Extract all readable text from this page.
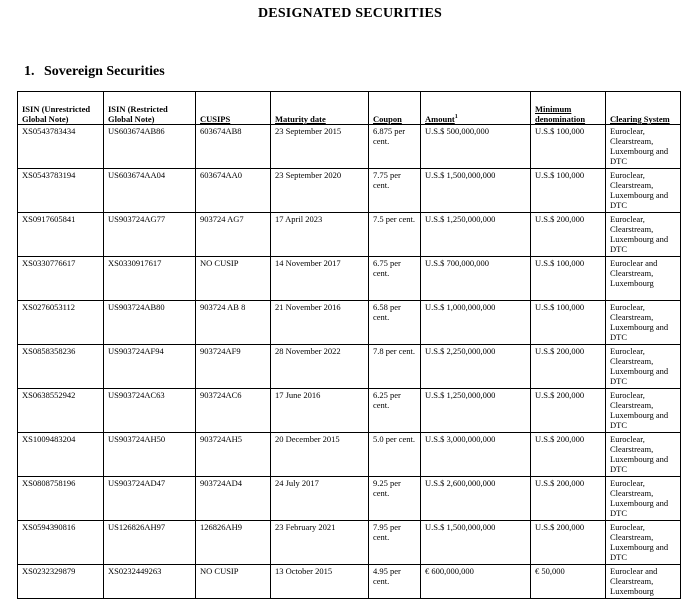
DESIGNATED SECURITIES
1. Sovereign Securities
ISIN (Unrestricted Global Note)	ISIN (Restricted Global Note)	CUSIPS	Maturity date	Coupon	Amount$^1$	Minimum denomination	Clearing System
XS0543783434	US603674AB86	603674AB8	23 September 2015	6.875 per cent.	U.S.$ 500,000,000	U.S.$ 100,000	Euroclear, Clearstream, Luxembourg and DTC
XS0543783194	US603674AA04	603674AA0	23 September 2020	7.75 per cent.	U.S.$ 1,500,000,000	U.S.$ 100,000	Euroclear, Clearstream, Luxembourg and DTC
XS0917605841	US903724AG77	903724 AG7	17 April 2023	7.5 per cent.	U.S.$ 1,250,000,000	U.S.$ 200,000	Euroclear, Clearstream, Luxembourg and DTC
XS0330776617	XS0330917617	NO CUSIP	14 November 2017	6.75 per cent.	U.S.$ 700,000,000	U.S.$ 100,000	Euroclear and Clearstream, Luxembourg
XS0276053112	US903724AB80	903724 AB 8	21 November 2016	6.58 per cent.	U.S.$ 1,000,000,000	U.S.$ 100,000	Euroclear, Clearstream, Luxembourg and DTC
XS0858358236	US903724AF94	903724AF9	28 November 2022	7.8 per cent.	U.S.$ 2,250,000,000	U.S.$ 200,000	Euroclear, Clearstream, Luxembourg and DTC
XS0638552942	US903724AC63	903724AC6	17 June 2016	6.25 per cent.	U.S.$ 1,250,000,000	U.S.$ 200,000	Euroclear, Clearstream, Luxembourg and DTC
XS1009483204	US903724AH50	903724AH5	20 December 2015	5.0 per cent.	U.S.$ 3,000,000,000	U.S.$ 200,000	Euroclear, Clearstream, Luxembourg and DTC
XS0808758196	US903724AD47	903724AD4	24 July 2017	9.25 per cent.	U.S.$ 2,600,000,000	U.S.$ 200,000	Euroclear, Clearstream, Luxembourg and DTC
XS0594390816	US126826AH97	126826AH9	23 February 2021	7.95 per cent.	U.S.$ 1,500,000,000	U.S.$ 200,000	Euroclear, Clearstream, Luxembourg and DTC
XS0232329879	XS0232449263	NO CUSIP	13 October 2015	4.95 per cent.	€ 600,000,000	€ 50,000	Euroclear and Clearstream, Luxembourg
